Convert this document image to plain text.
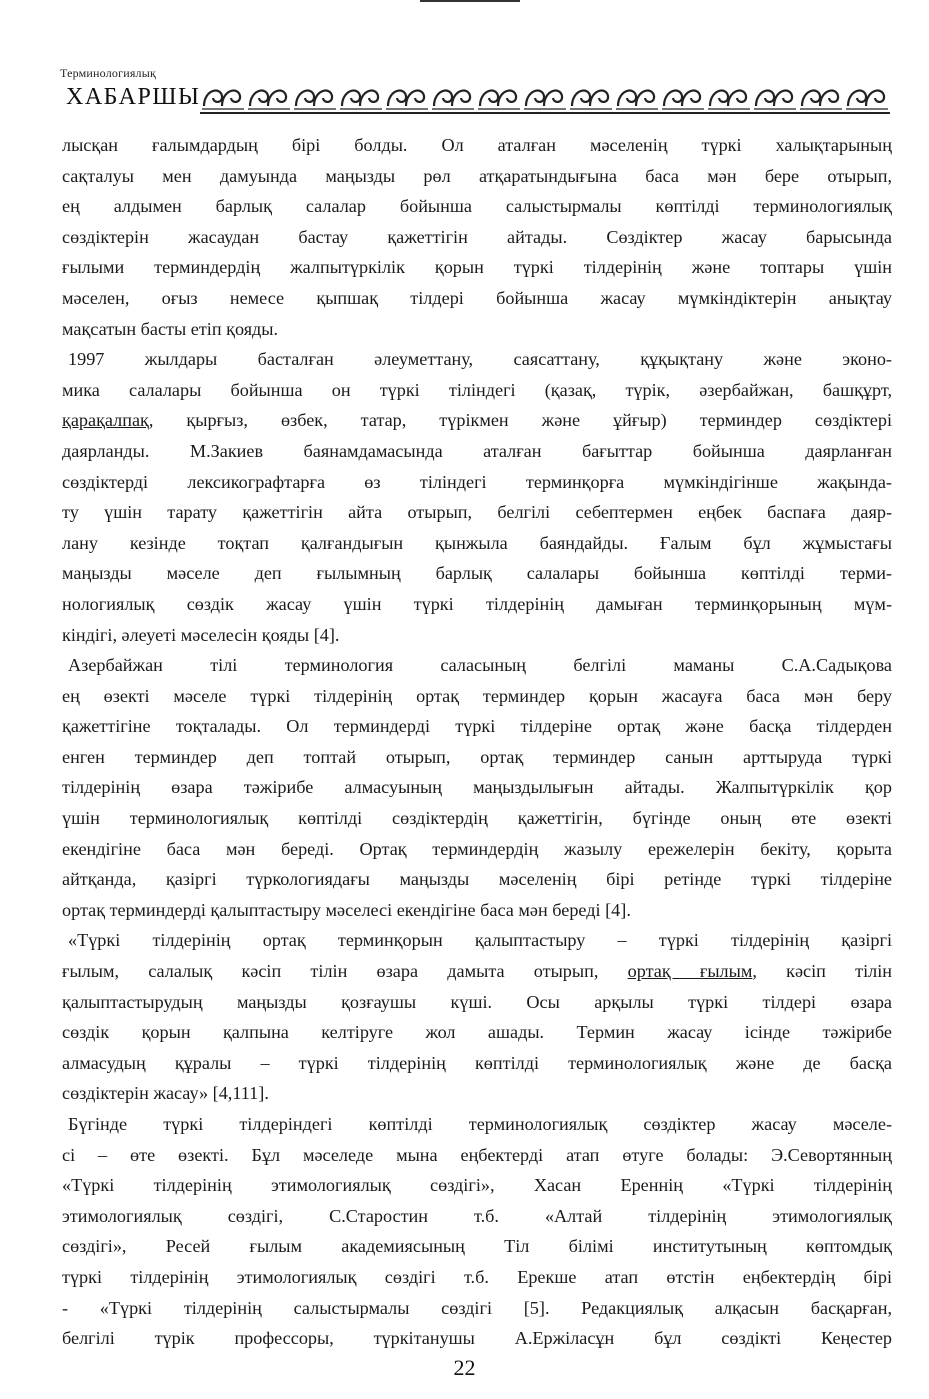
Терминологиялық
ХАБАРШЫ
лысқан ғалымдардың бірі болды. Ол аталған мәселенің түркі халықтарының
сақталуы мен дамуында маңызды рөл атқаратындығына баса мән бере отырып,
ең алдымен барлық салалар бойынша салыстырмалы көптілді терминологиялық
сөздіктерін жасаудан бастау қажеттігін айтады. Сөздіктер жасау барысында
ғылыми терминдердің жалпытүркілік қорын түркі тілдерінің және топтары үшін
мәселен, оғыз немесе қыпшақ тілдері бойынша жасау мүмкіндіктерін анықтау
мақсатын басты етіп қояды.
1997 жылдары басталған әлеуметтану, саясаттану, құқықтану және эконо-
мика салалары бойынша он түркі тіліндегі (қазақ, түрік, әзербайжан, башқұрт,
қарақалпақ, қырғыз, өзбек, татар, түрікмен және ұйғыр) терминдер сөздіктері
даярланды. М.Закиев баянамдамасында аталған бағыттар бойынша даярланған
сөздіктерді лексикографтарға өз тіліндегі терминқорға мүмкіндігінше жақында-
ту үшін тарату қажеттігін айта отырып, белгілі себептермен еңбек баспаға даяр-
лану кезінде тоқтап қалғандығын қынжыла баяндайды. Ғалым бұл жұмыстағы
маңызды мәселе деп ғылымның барлық салалары бойынша көптілді терми-
нологиялық сөздік жасау үшін түркі тілдерінің дамыған терминқорының мүм-
кіндігі, әлеуеті мәселесін қояды [4].
Азербайжан тілі терминология саласының белгілі маманы С.А.Садықова
ең өзекті мәселе түркі тілдерінің ортақ терминдер қорын жасауға баса мән беру
қажеттігіне тоқталады. Ол терминдерді түркі тілдеріне ортақ және басқа тілдерден
енген терминдер деп топтай отырып, ортақ терминдер санын арттыруда түркі
тілдерінің өзара тәжірибе алмасуының маңыздылығын айтады. Жалпытүркілік қор
үшін терминологиялық көптілді сөздіктердің қажеттігін, бүгінде оның өте өзекті
екендігіне баса мән береді. Ортақ терминдердің жазылу ережелерін бекіту, қорыта
айтқанда, қазіргі түркологиядағы маңызды мәселенің бірі ретінде түркі тілдеріне
ортақ терминдерді қалыптастыру мәселесі екендігіне баса мән береді [4].
«Түркі тілдерінің ортақ терминқорын қалыптастыру – түркі тілдерінің қазіргі
ғылым, салалық кәсіп тілін өзара дамыта отырып, ортақ ғылым, кәсіп тілін
қалыптастырудың маңызды қозғаушы күші. Осы арқылы түркі тілдері өзара
сөздік қорын қалпына келтіруге жол ашады. Термин жасау ісінде тәжірибе
алмасудың құралы – түркі тілдерінің көптілді терминологиялық және де басқа
сөздіктерін жасау» [4,111].
Бүгінде түркі тілдеріндегі көптілді терминологиялық сөздіктер жасау мәселе-
сі – өте өзекті. Бұл мәселеде мына еңбектерді атап өтуге болады: Э.Севортянның
«Түркі тілдерінің этимологиялық сөздігі», Хасан Ереннің «Түркі тілдерінің
этимологиялық сөздігі, С.Старостин т.б. «Алтай тілдерінің этимологиялық
сөздігі», Ресей ғылым академиясының Тіл білімі институтының көптомдық
түркі тілдерінің этимологиялық сөздігі т.б. Ерекше атап өтстін еңбектердің бірі
- «Түркі тілдерінің салыстырмалы сөздігі [5]. Редакциялық алқасын басқарған,
белгілі түрік профессоры, түркітанушы А.Ержіласұн бұл сөздікті Кеңестер
22
